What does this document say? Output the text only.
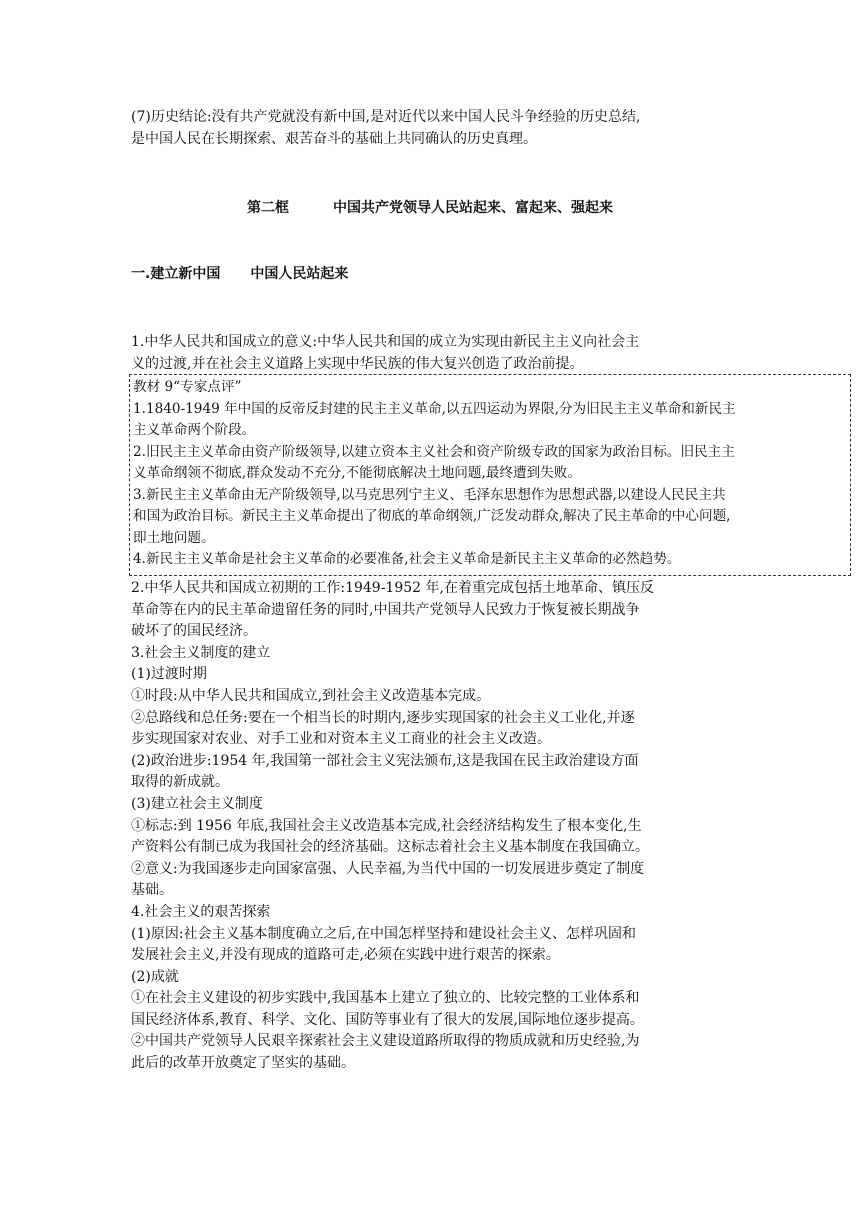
(7)历史结论:没有共产党就没有新中国,是对近代以来中国人民斗争经验的历史总结,
是中国人民在长期探索、艰苦奋斗的基础上共同确认的历史真理。
第二框	中国共产党领导人民站起来、富起来、强起来
一.建立新中国 中国人民站起来
1.中华人民共和国成立的意义:中华人民共和国的成立为实现由新民主主义向社会主
义的过渡,并在社会主义道路上实现中华民族的伟大复兴创造了政治前提。
教材 9“专家点评”
1.1840-1949 年中国的反帝反封建的民主主义革命,以五四运动为界限,分为旧民主主义革命和新民主
主义革命两个阶段。
2.旧民主主义革命由资产阶级领导,以建立资本主义社会和资产阶级专政的国家为政治目标。旧民主主
义革命纲领不彻底,群众发动不充分,不能彻底解决土地问题,最终遭到失败。
3.新民主主义革命由无产阶级领导,以马克思列宁主义、毛泽东思想作为思想武器,以建设人民民主共
和国为政治目标。新民主主义革命提出了彻底的革命纲领,广泛发动群众,解决了民主革命的中心问题,
即土地问题。
4.新民主主义革命是社会主义革命的必要准备,社会主义革命是新民主主义革命的必然趋势。
2.中华人民共和国成立初期的工作:1949-1952 年,在着重完成包括土地革命、镇压反
革命等在内的民主革命遗留任务的同时,中国共产党领导人民致力于恢复被长期战争
破坏了的国民经济。
3.社会主义制度的建立
(1)过渡时期
①时段:从中华人民共和国成立,到社会主义改造基本完成。
②总路线和总任务:要在一个相当长的时期内,逐步实现国家的社会主义工业化,并逐
步实现国家对农业、对手工业和对资本主义工商业的社会主义改造。
(2)政治进步:1954 年,我国第一部社会主义宪法颁布,这是我国在民主政治建设方面
取得的新成就。
(3)建立社会主义制度
①标志:到 1956 年底,我国社会主义改造基本完成,社会经济结构发生了根本变化,生
产资料公有制已成为我国社会的经济基础。这标志着社会主义基本制度在我国确立。
②意义:为我国逐步走向国家富强、人民幸福,为当代中国的一切发展进步奠定了制度
基础。
4.社会主义的艰苦探索
(1)原因:社会主义基本制度确立之后,在中国怎样坚持和建设社会主义、怎样巩固和
发展社会主义,并没有现成的道路可走,必须在实践中进行艰苦的探索。
(2)成就
①在社会主义建设的初步实践中,我国基本上建立了独立的、比较完整的工业体系和
国民经济体系,教育、科学、文化、国防等事业有了很大的发展,国际地位逐步提高。
②中国共产党领导人民艰辛探索社会主义建设道路所取得的物质成就和历史经验,为
此后的改革开放奠定了坚实的基础。
